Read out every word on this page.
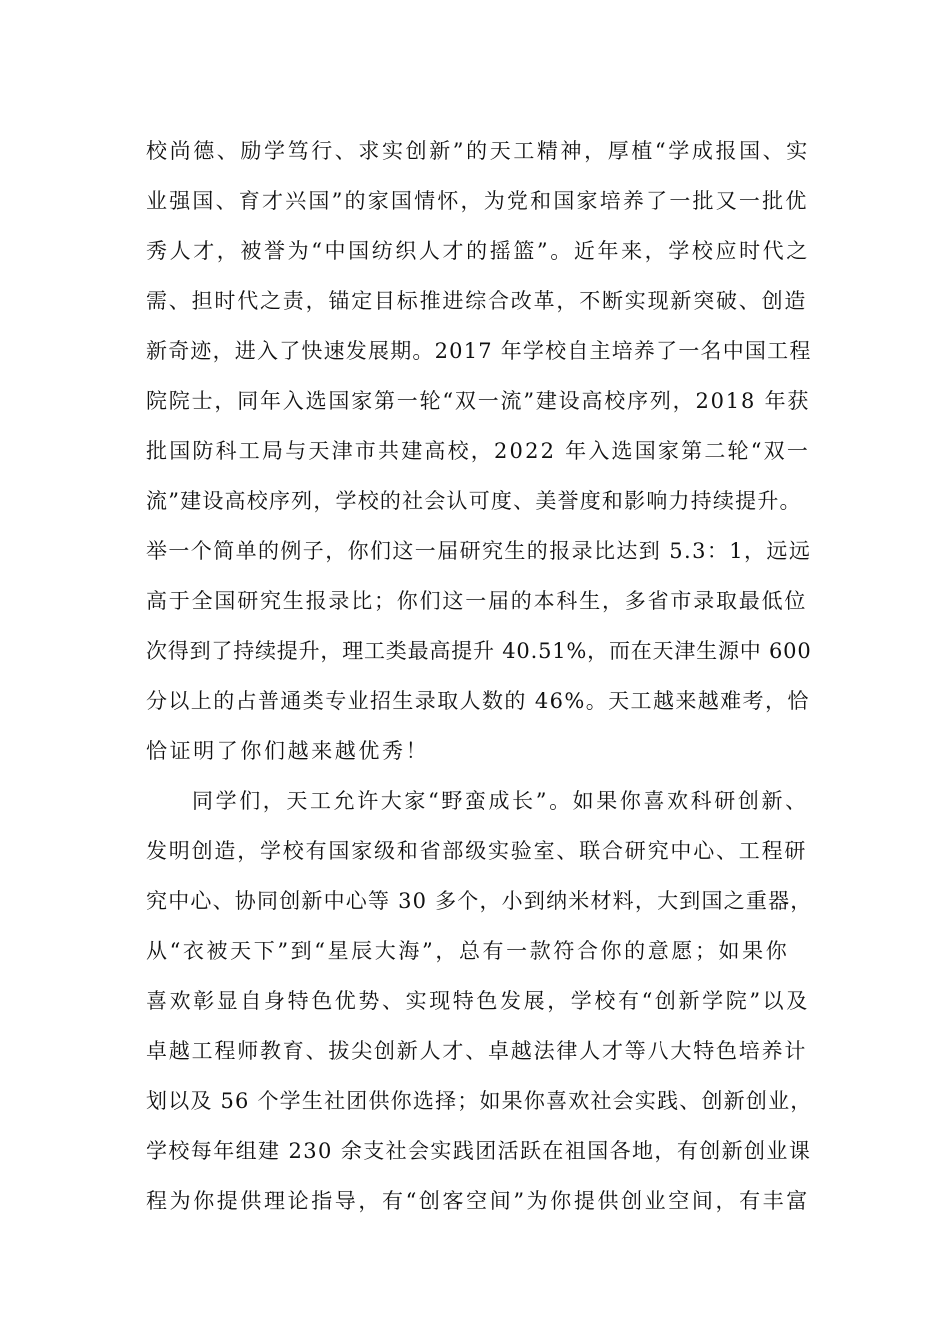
校尚德、励学笃行、求实创新”的天工精神，厚植“学成报国、实
业强国、育才兴国”的家国情怀，为党和国家培养了一批又一批优
秀人才，被誉为“中国纺织人才的摇篮”。近年来，学校应时代之
需、担时代之责，锚定目标推进综合改革，不断实现新突破、创造
新奇迹，进入了快速发展期。2017 年学校自主培养了一名中国工程
院院士，同年入选国家第一轮“双一流”建设高校序列，2018 年获
批国防科工局与天津市共建高校，2022 年入选国家第二轮“双一
流”建设高校序列，学校的社会认可度、美誉度和影响力持续提升。
举一个简单的例子，你们这一届研究生的报录比达到 5.3：1，远远
高于全国研究生报录比；你们这一届的本科生，多省市录取最低位
次得到了持续提升，理工类最高提升 40.51%，而在天津生源中 600
分以上的占普通类专业招生录取人数的 46%。天工越来越难考，恰
恰证明了你们越来越优秀！
同学们，天工允许大家“野蛮成长”。如果你喜欢科研创新、
发明创造，学校有国家级和省部级实验室、联合研究中心、工程研
究中心、协同创新中心等 30 多个，小到纳米材料，大到国之重器，
从“衣被天下”到“星辰大海”，总有一款符合你的意愿；如果你
喜欢彰显自身特色优势、实现特色发展，学校有“创新学院”以及
卓越工程师教育、拔尖创新人才、卓越法律人才等八大特色培养计
划以及 56 个学生社团供你选择；如果你喜欢社会实践、创新创业，
学校每年组建 230 余支社会实践团活跃在祖国各地，有创新创业课
程为你提供理论指导，有“创客空间”为你提供创业空间，有丰富
